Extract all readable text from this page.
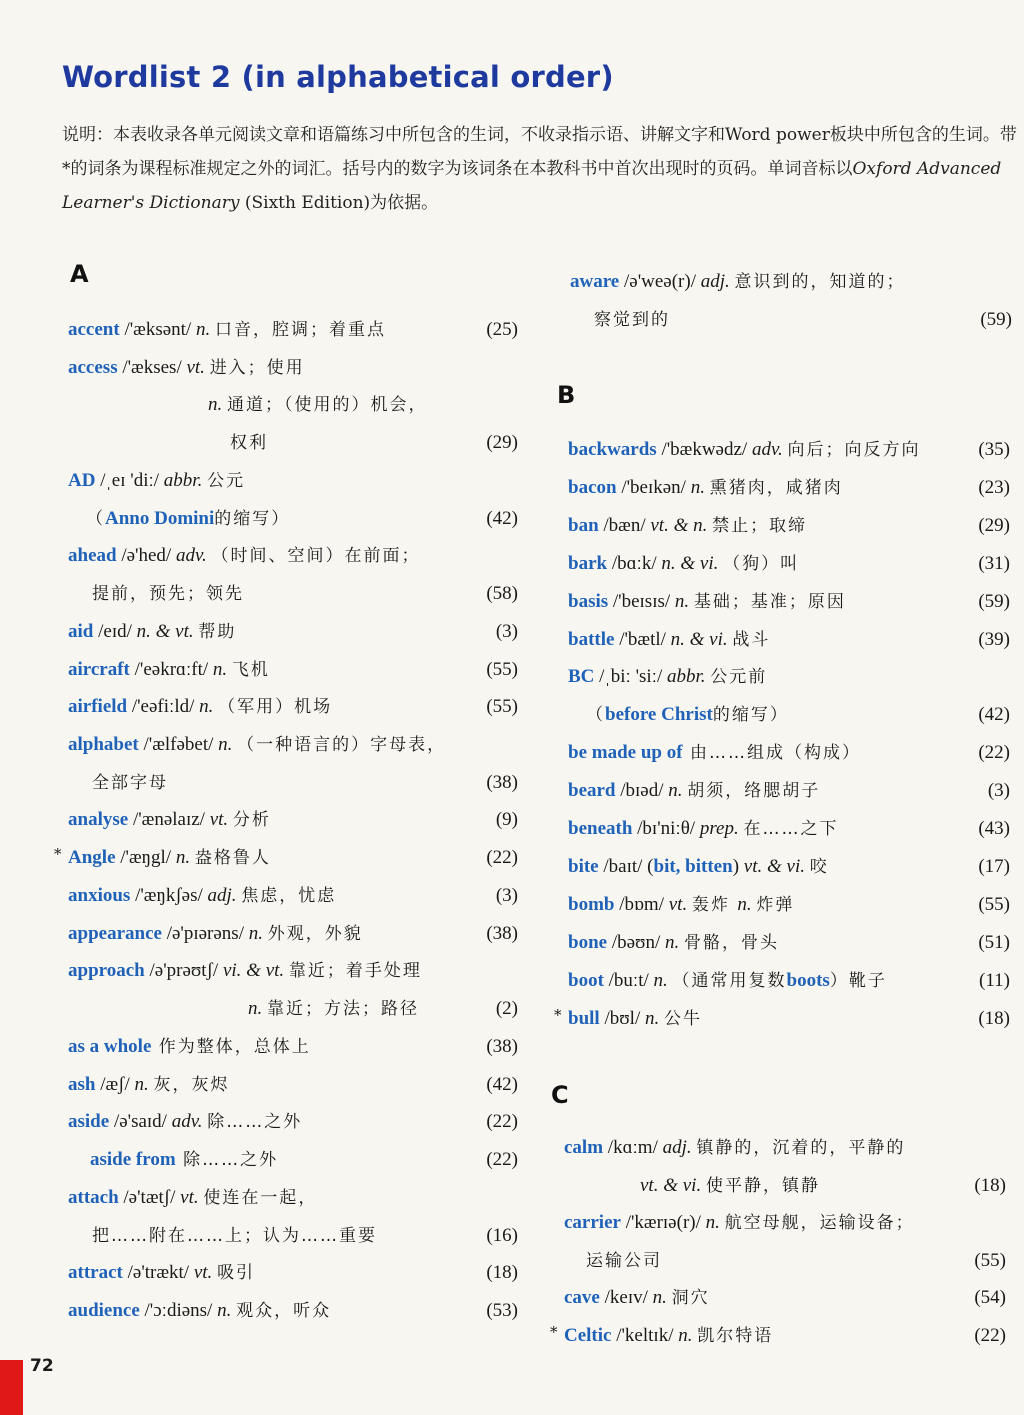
Wordlist 2 (in alphabetical order)
说明：本表收录各单元阅读文章和语篇练习中所包含的生词，不收录指示语、讲解文字和Word power板块中所包含的生词。带*的词条为课程标准规定之外的词汇。括号内的数字为该词条在本教科书中首次出现时的页码。单词音标以Oxford Advanced Learner's Dictionary (Sixth Edition)为依据。
A
B
C
accent /'æksənt/ n. 口音，腔调；着重点	(25)
access /'ækses/ vt. 进入；使用
n. 通道；（使用的）机会，
权利	(29)
AD /ˌeɪ 'diː/ abbr. 公元
（Anno Domini的缩写）	(42)
ahead /ə'hed/ adv. （时间、空间）在前面；
提前，预先；领先	(58)
aid /eɪd/ n. & vt. 帮助	(3)
aircraft /'eəkrɑːft/ n. 飞机	(55)
airfield /'eəfiːld/ n. （军用）机场	(55)
alphabet /'ælfəbet/ n. （一种语言的）字母表，
全部字母	(38)
analyse /'ænəlaɪz/ vt. 分析	(9)
* Angle /'æŋgl/ n. 盎格鲁人	(22)
anxious /'æŋkʃəs/ adj. 焦虑，忧虑	(3)
appearance /ə'pɪərəns/ n. 外观，外貌	(38)
approach /ə'prəʊtʃ/ vi. & vt. 靠近；着手处理
n. 靠近；方法；路径	(2)
as a whole 作为整体，总体上	(38)
ash /æʃ/ n. 灰，灰烬	(42)
aside /ə'saɪd/ adv. 除……之外	(22)
aside from 除……之外	(22)
attach /ə'tætʃ/ vt. 使连在一起，
把……附在……上；认为……重要	(16)
attract /ə'trækt/ vt. 吸引	(18)
audience /'ɔːdiəns/ n. 观众，听众	(53)
aware /ə'weə(r)/ adj. 意识到的，知道的；
察觉到的	(59)
backwards /'bækwədz/ adv. 向后；向反方向	(35)
bacon /'beɪkən/ n. 熏猪肉，咸猪肉	(23)
ban /bæn/ vt. & n. 禁止；取缔	(29)
bark /bɑːk/ n. & vi. （狗）叫	(31)
basis /'beɪsɪs/ n. 基础；基准；原因	(59)
battle /'bætl/ n. & vi. 战斗	(39)
BC /ˌbiː 'siː/ abbr. 公元前
（before Christ的缩写）	(42)
be made up of 由……组成（构成）	(22)
beard /bɪəd/ n. 胡须，络腮胡子	(3)
beneath /bɪ'niːθ/ prep. 在……之下	(43)
bite /baɪt/ (bit, bitten) vt. & vi. 咬	(17)
bomb /bɒm/ vt. 轰炸 n. 炸弹	(55)
bone /bəʊn/ n. 骨骼，骨头	(51)
boot /buːt/ n. （通常用复数boots）靴子	(11)
* bull /bʊl/ n. 公牛	(18)
calm /kɑːm/ adj. 镇静的，沉着的，平静的
vt. & vi. 使平静，镇静	(18)
carrier /'kærɪə(r)/ n. 航空母舰，运输设备；
运输公司	(55)
cave /keɪv/ n. 洞穴	(54)
* Celtic /'keltɪk/ n. 凯尔特语	(22)
72
